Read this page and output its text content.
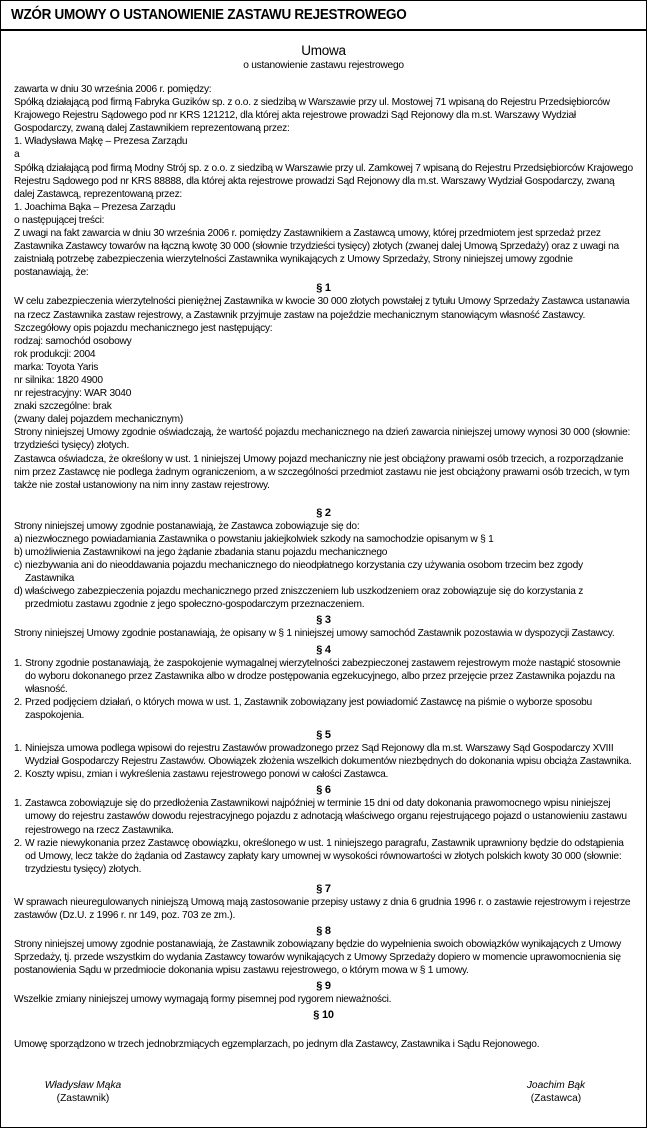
WZÓR UMOWY O USTANOWIENIE ZASTAWU REJESTROWEGO
Umowa
o ustanowienie zastawu rejestrowego

zawarta w dniu 30 września 2006 r. pomiędzy:

Spółką działającą pod firmą Fabryka Guzików sp. z o.o. z siedzibą w Warszawie przy ul. Mostowej 71 wpisaną do Rejestru Przedsiębiorców Krajowego Rejestru Sądowego pod nr KRS 121212, dla której akta rejestrowe prowadzi Sąd Rejonowy dla m.st. Warszawy Wydział Gospodarczy, zwaną dalej Zastawnikiem reprezentowaną przez:

1. Władysława Mąkę – Prezesa Zarządu

a

Spółką działającą pod firmą Modny Strój sp. z o.o. z siedzibą w Warszawie przy ul. Zamkowej 7 wpisaną do Rejestru Przedsiębiorców Krajowego Rejestru Sądowego pod nr KRS 88888, dla której akta rejestrowe prowadzi Sąd Rejonowy dla m.st. Warszawy Wydział Gospodarczy, zwaną dalej Zastawcą, reprezentowaną przez:

1. Joachima Bąka – Prezesa Zarządu

o następującej treści:

Z uwagi na fakt zawarcia w dniu 30 września 2006 r. pomiędzy Zastawnikiem a Zastawcą umowy, której przedmiotem jest sprzedaż przez Zastawnika Zastawcy towarów na łączną kwotę 30 000 (słownie trzydzieści tysięcy) złotych (zwanej dalej Umową Sprzedaży) oraz z uwagi na zaistniałą potrzebę zabezpieczenia wierzytelności Zastawnika wynikających z Umowy Sprzedaży, Strony niniejszej umowy zgodnie postanawiają, że:

§ 1

W celu zabezpieczenia wierzytelności pieniężnej Zastawnika w kwocie 30 000 złotych powstałej z tytułu Umowy Sprzedaży Zastawca ustanawia na rzecz Zastawnika zastaw rejestrowy, a Zastawnik przyjmuje zastaw na pojeździe mechanicznym stanowiącym własność Zastawcy.

Szczegółowy opis pojazdu mechanicznego jest następujący:

rodzaj: samochód osobowy

rok produkcji: 2004

marka: Toyota Yaris

nr silnika: 1820 4900

nr rejestracyjny: WAR 3040

znaki szczególne: brak

(zwany dalej pojazdem mechanicznym)

Strony niniejszej Umowy zgodnie oświadczają, że wartość pojazdu mechanicznego na dzień zawarcia niniejszej umowy wynosi 30 000 (słownie: trzydzieści tysięcy) złotych.

Zastawca oświadcza, że określony w ust. 1 niniejszej Umowy pojazd mechaniczny nie jest obciążony prawami osób trzecich, a rozporządzanie nim przez Zastawcę nie podlega żadnym ograniczeniom, a w szczególności przedmiot zastawu nie jest obciążony prawami osób trzecich, w tym także nie został ustanowiony na nim inny zastaw rejestrowy.

§ 2

Strony niniejszej umowy zgodnie postanawiają, że Zastawca zobowiązuje się do:

a) niezwłocznego powiadamiania Zastawnika o powstaniu jakiejkolwiek szkody na samochodzie opisanym w § 1
b) umożliwienia Zastawnikowi na jego żądanie zbadania stanu pojazdu mechanicznego
c) niezbywania ani do nieoddawania pojazdu mechanicznego do nieodpłatnego korzystania czy używania osobom trzecim bez zgody Zastawnika
d) właściwego zabezpieczenia pojazdu mechanicznego przed zniszczeniem lub uszkodzeniem oraz zobowiązuje się do korzystania z przedmiotu zastawu zgodnie z jego społeczno-gospodarczym przeznaczeniem.
§ 3

Strony niniejszej Umowy zgodnie postanawiają, że opisany w § 1 niniejszej umowy samochód Zastawnik pozostawia w dyspozycji Zastawcy.

§ 4
1. Strony zgodnie postanawiają, że zaspokojenie wymagalnej wierzytelności zabezpieczonej zastawem rejestrowym może nastąpić stosownie do wyboru dokonanego przez Zastawnika albo w drodze postępowania egzekucyjnego, albo przez przejęcie przez Zastawnika pojazdu na własność.
2. Przed podjęciem działań, o których mowa w ust. 1, Zastawnik zobowiązany jest powiadomić Zastawcę na piśmie o wyborze sposobu zaspokojenia.
§ 5
1. Niniejsza umowa podlega wpisowi do rejestru Zastawów prowadzonego przez Sąd Rejonowy dla m.st. Warszawy Sąd Gospodarczy XVIII Wydział Gospodarczy Rejestru Zastawów. Obowiązek złożenia wszelkich dokumentów niezbędnych do dokonania wpisu obciąża Zastawnika.
2. Koszty wpisu, zmian i wykreślenia zastawu rejestrowego ponowi w całości Zastawca.
§ 6
1. Zastawca zobowiązuje się do przedłożenia Zastawnikowi najpóźniej w terminie 15 dni od daty dokonania prawomocnego wpisu niniejszej umowy do rejestru zastawów dowodu rejestracyjnego pojazdu z adnotacją właściwego organu rejestrującego pojazd o ustanowieniu zastawu rejestrowego na rzecz Zastawnika.
2. W razie niewykonania przez Zastawcę obowiązku, określonego w ust. 1 niniejszego paragrafu, Zastawnik uprawniony będzie do odstąpienia od Umowy, lecz także do żądania od Zastawcy zapłaty kary umownej w wysokości równowartości w złotych polskich kwoty 30 000 (słownie: trzydziestu tysięcy) złotych.
§ 7

W sprawach nieuregulowanych niniejszą Umową mają zastosowanie przepisy ustawy z dnia 6 grudnia 1996 r. o zastawie rejestrowym i rejestrze zastawów (Dz.U. z 1996 r. nr 149, poz. 703 ze zm.).

§ 8

Strony niniejszej umowy zgodnie postanawiają, że Zastawnik zobowiązany będzie do wypełnienia swoich obowiązków wynikających z Umowy Sprzedaży, tj. przede wszystkim do wydania Zastawcy towarów wynikających z Umowy Sprzedaży dopiero w momencie uprawomocnienia się postanowienia Sądu w przedmiocie dokonania wpisu zastawu rejestrowego, o którym mowa w § 1 umowy.

§ 9

Wszelkie zmiany niniejszej umowy wymagają formy pisemnej pod rygorem nieważności.

§ 10

Umowę sporządzono w trzech jednobrzmiących egzemplarzach, po jednym dla Zastawcy, Zastawnika i Sądu Rejonowego.

Władysław Mąka
(Zastawnik)
Joachim Bąk
(Zastawca)
